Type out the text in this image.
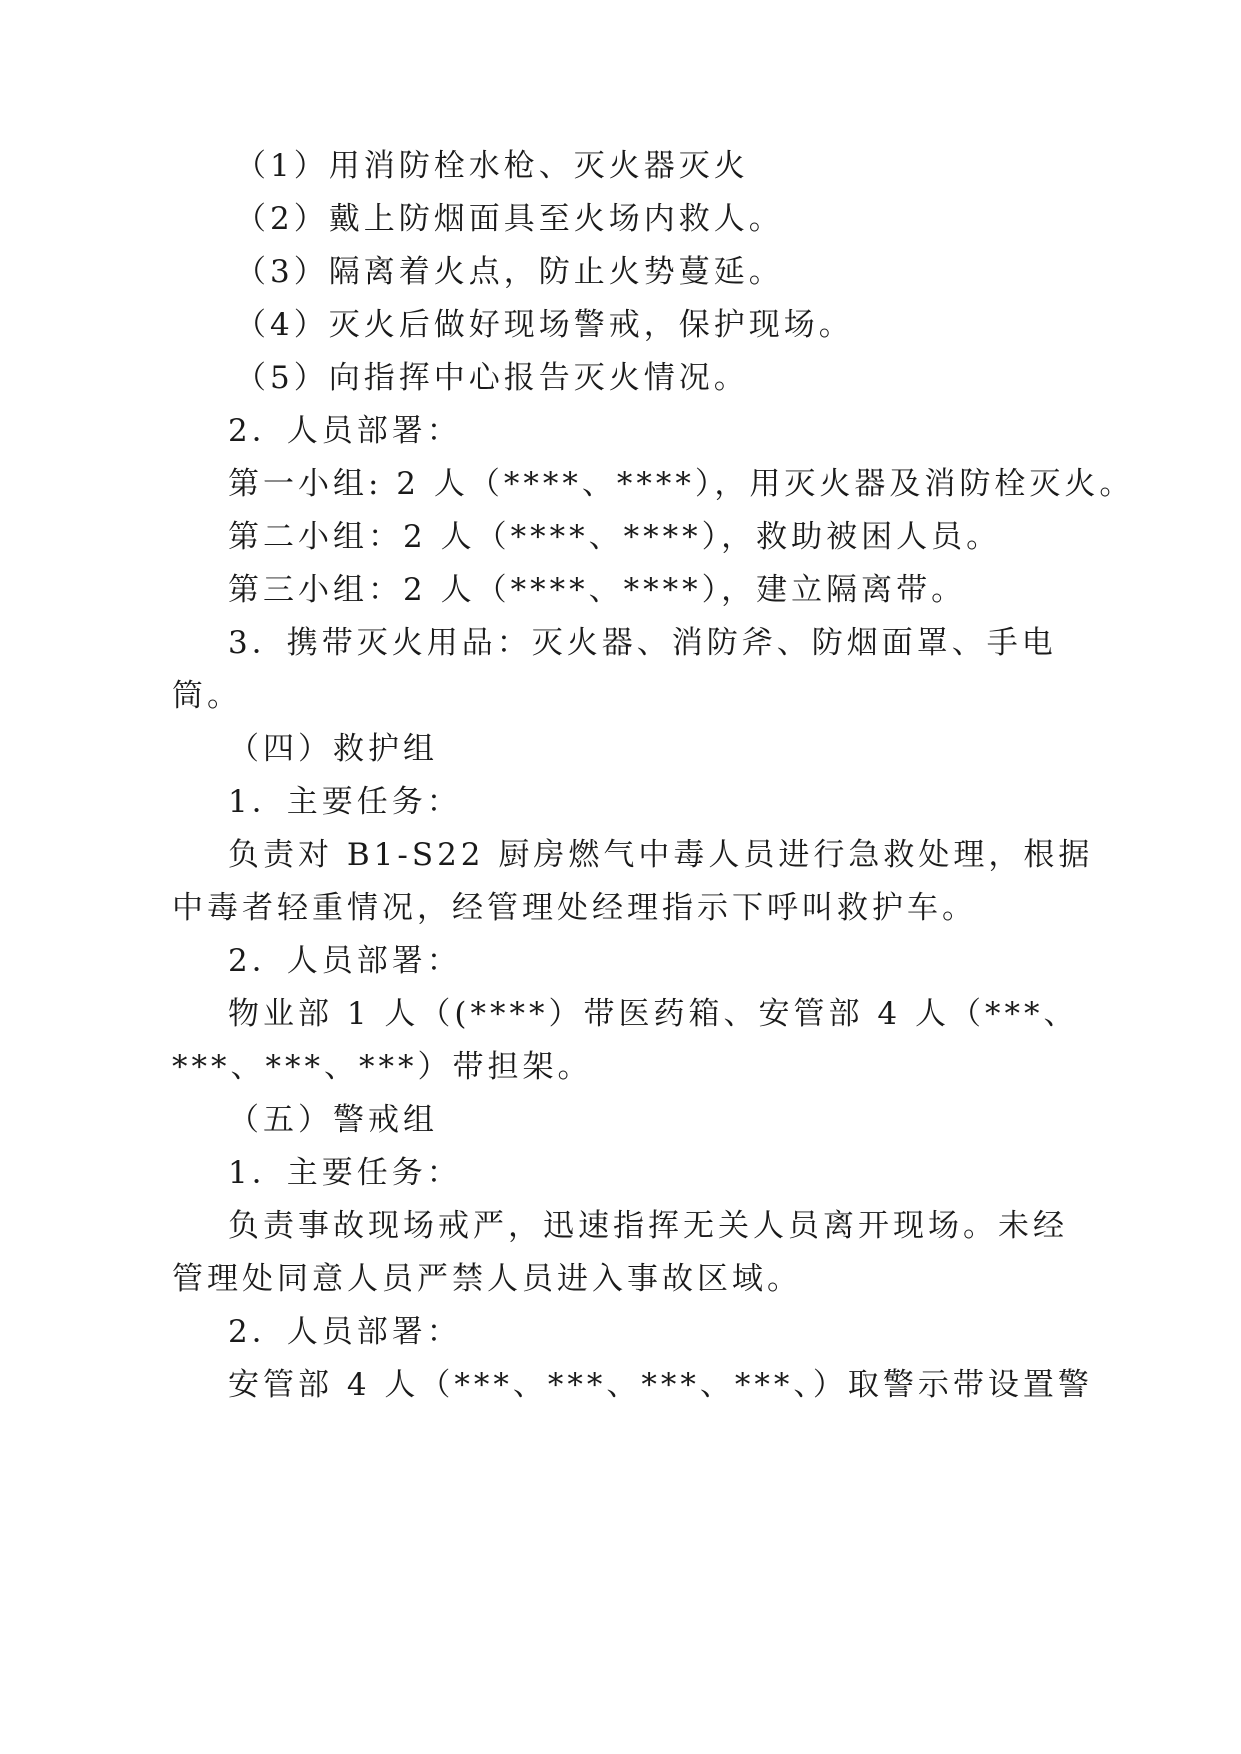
（1）用消防栓水枪、灭火器灭火
（2）戴上防烟面具至火场内救人。
（3）隔离着火点，防止火势蔓延。
（4）灭火后做好现场警戒，保护现场。
（5）向指挥中心报告灭火情况。
2．人员部署：
第一小组: 2 人（****、****），用灭火器及消防栓灭火。
第二小组：2 人（****、****），救助被困人员。
第三小组：2 人（****、****），建立隔离带。
3．携带灭火用品：灭火器、消防斧、防烟面罩、手电
筒。
（四）救护组
1．主要任务：
负责对 B1-S22 厨房燃气中毒人员进行急救处理，根据
中毒者轻重情况，经管理处经理指示下呼叫救护车。
2．人员部署：
物业部 1 人（(****）带医药箱、安管部 4 人（***、
***、***、***）带担架。
（五）警戒组
1．主要任务：
负责事故现场戒严，迅速指挥无关人员离开现场。未经
管理处同意人员严禁人员进入事故区域。
2．人员部署：
安管部 4 人（***、***、***、***、）取警示带设置警
